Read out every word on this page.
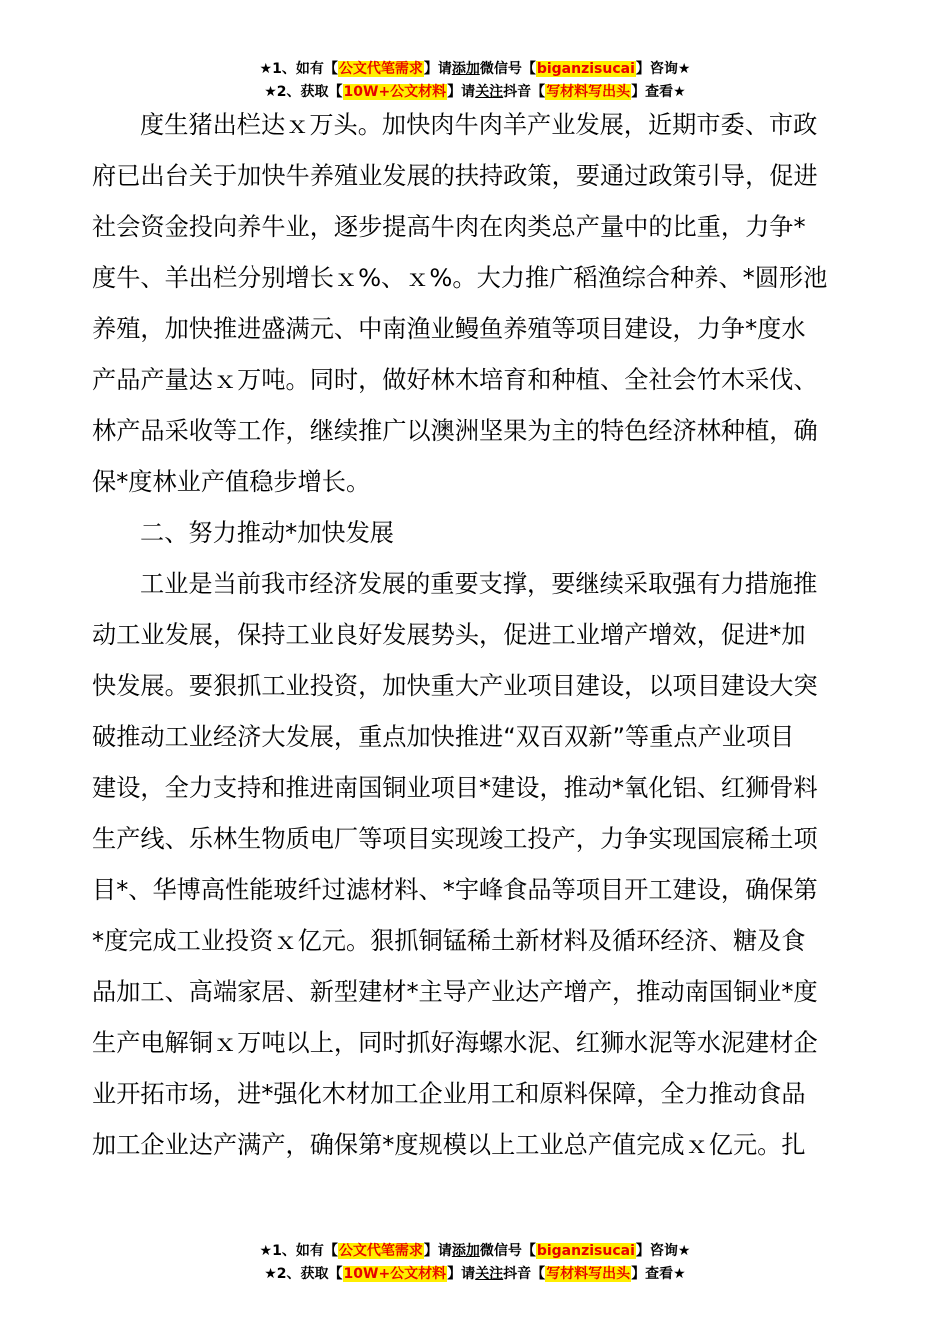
★1、如有【公文代笔需求】请添加微信号【biganzisucai】咨询★
★2、获取【10W+公文材料】请关注抖音【写材料写出头】查看★

度生猪出栏达ｘ万头。加快肉牛肉羊产业发展，近期市委、市政
府已出台关于加快牛养殖业发展的扶持政策，要通过政策引导，促进
社会资金投向养牛业，逐步提高牛肉在肉类总产量中的比重，力争*
度牛、羊出栏分别增长ｘ%、ｘ%。大力推广稻渔综合种养、*圆形池
养殖，加快推进盛满元、中南渔业鳗鱼养殖等项目建设，力争*度水
产品产量达ｘ万吨。同时，做好林木培育和种植、全社会竹木采伐、
林产品采收等工作，继续推广以澳洲坚果为主的特色经济林种植，确
保*度林业产值稳步增长。

二、努力推动*加快发展

工业是当前我市经济发展的重要支撑，要继续采取强有力措施推
动工业发展，保持工业良好发展势头，促进工业增产增效，促进*加
快发展。要狠抓工业投资，加快重大产业项目建设，以项目建设大突
破推动工业经济大发展，重点加快推进“双百双新”等重点产业项目
建设，全力支持和推进南国铜业项目*建设，推动*氧化铝、红狮骨料
生产线、乐林生物质电厂等项目实现竣工投产，力争实现国宸稀土项
目*、华博高性能玻纤过滤材料、*宇峰食品等项目开工建设，确保第
*度完成工业投资ｘ亿元。狠抓铜锰稀土新材料及循环经济、糖及食
品加工、高端家居、新型建材*主导产业达产增产，推动南国铜业*度
生产电解铜ｘ万吨以上，同时抓好海螺水泥、红狮水泥等水泥建材企
业开拓市场，进*强化木材加工企业用工和原料保障，全力推动食品
加工企业达产满产，确保第*度规模以上工业总产值完成ｘ亿元。扎

★1、如有【公文代笔需求】请添加微信号【biganzisucai】咨询★
★2、获取【10W+公文材料】请关注抖音【写材料写出头】查看★
